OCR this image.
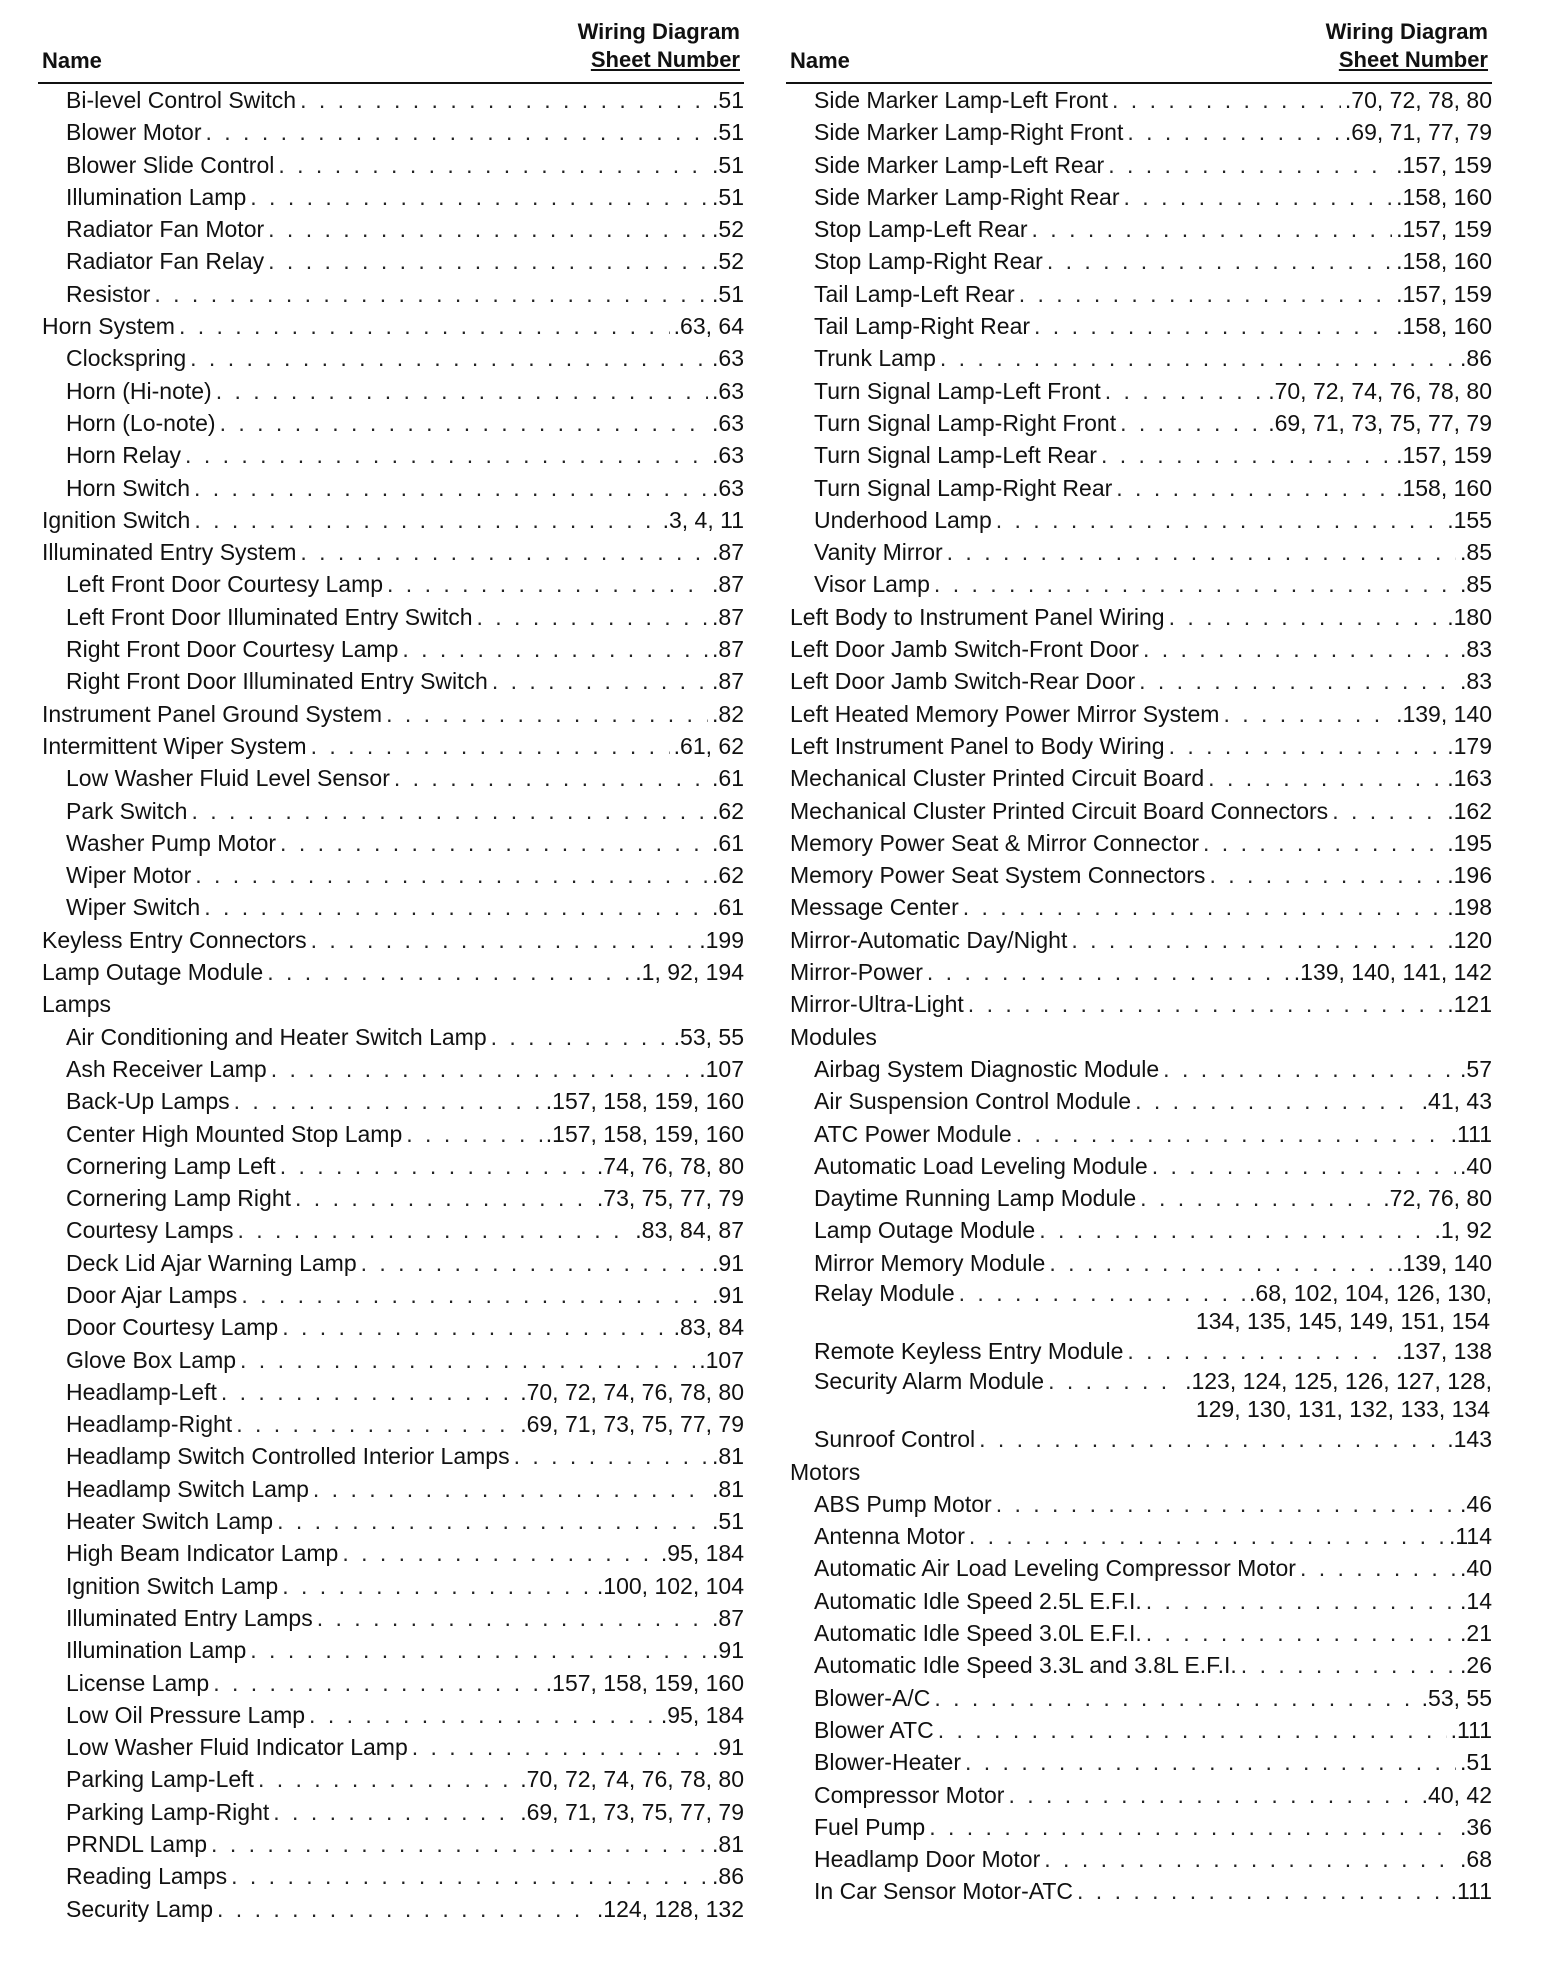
Name
Wiring Diagram
Sheet Number
Bi-level Control Switch . . .	.51
Blower Motor . . .	.51
Blower Slide Control . . .	.51
Illumination Lamp . . .	.51
Radiator Fan Motor . . .	.52
Radiator Fan Relay . . .	.52
Resistor . . .	.51
Horn System . . .	.63, 64
Clockspring . . .	.63
Horn (Hi-note) . . .	.63
Horn (Lo-note) . . .	.63
Horn Relay . . .	.63
Horn Switch . . .	.63
Ignition Switch . . .	.3, 4, 11
Illuminated Entry System . . .	.87
Left Front Door Courtesy Lamp . . .	.87
Left Front Door Illuminated Entry Switch . . .	.87
Right Front Door Courtesy Lamp . . .	.87
Right Front Door Illuminated Entry Switch . . .	.87
Instrument Panel Ground System . . .	.82
Intermittent Wiper System . . .	.61, 62
Low Washer Fluid Level Sensor . . .	.61
Park Switch . . .	.62
Washer Pump Motor . . .	.61
Wiper Motor . . .	.62
Wiper Switch . . .	.61
Keyless Entry Connectors . . .	.199
Lamp Outage Module . . .	.1, 92, 194
Lamps
Air Conditioning and Heater Switch Lamp . . .	.53, 55
Ash Receiver Lamp . . .	.107
Back-Up Lamps . . .	.157, 158, 159, 160
Center High Mounted Stop Lamp . . .	.157, 158, 159, 160
Cornering Lamp Left . . .	.74, 76, 78, 80
Cornering Lamp Right . . .	.73, 75, 77, 79
Courtesy Lamps . . .	.83, 84, 87
Deck Lid Ajar Warning Lamp . . .	.91
Door Ajar Lamps . . .	.91
Door Courtesy Lamp . . .	.83, 84
Glove Box Lamp . . .	.107
Headlamp-Left . . .	.70, 72, 74, 76, 78, 80
Headlamp-Right . . .	.69, 71, 73, 75, 77, 79
Headlamp Switch Controlled Interior Lamps . . .	.81
Headlamp Switch Lamp . . .	.81
Heater Switch Lamp . . .	.51
High Beam Indicator Lamp . . .	.95, 184
Ignition Switch Lamp . . .	.100, 102, 104
Illuminated Entry Lamps . . .	.87
Illumination Lamp . . .	.91
License Lamp . . .	.157, 158, 159, 160
Low Oil Pressure Lamp . . .	.95, 184
Low Washer Fluid Indicator Lamp . . .	.91
Parking Lamp-Left . . .	.70, 72, 74, 76, 78, 80
Parking Lamp-Right . . .	.69, 71, 73, 75, 77, 79
PRNDL Lamp . . .	.81
Reading Lamps . . .	.86
Security Lamp . . .	.124, 128, 132
Name
Wiring Diagram
Sheet Number
Side Marker Lamp-Left Front . . .	.70, 72, 78, 80
Side Marker Lamp-Right Front . . .	.69, 71, 77, 79
Side Marker Lamp-Left Rear . . .	.157, 159
Side Marker Lamp-Right Rear . . .	.158, 160
Stop Lamp-Left Rear . . .	.157, 159
Stop Lamp-Right Rear . . .	.158, 160
Tail Lamp-Left Rear . . .	.157, 159
Tail Lamp-Right Rear . . .	.158, 160
Trunk Lamp . . .	.86
Turn Signal Lamp-Left Front . . .	.70, 72, 74, 76, 78, 80
Turn Signal Lamp-Right Front . . .	.69, 71, 73, 75, 77, 79
Turn Signal Lamp-Left Rear . . .	.157, 159
Turn Signal Lamp-Right Rear . . .	.158, 160
Underhood Lamp . . .	.155
Vanity Mirror . . .	.85
Visor Lamp . . .	.85
Left Body to Instrument Panel Wiring . . .	.180
Left Door Jamb Switch-Front Door . . .	.83
Left Door Jamb Switch-Rear Door . . .	.83
Left Heated Memory Power Mirror System . . .	.139, 140
Left Instrument Panel to Body Wiring . . .	.179
Mechanical Cluster Printed Circuit Board . . .	.163
Mechanical Cluster Printed Circuit Board Connectors . . .	.162
Memory Power Seat & Mirror Connector . . .	.195
Memory Power Seat System Connectors . . .	.196
Message Center . . .	.198
Mirror-Automatic Day/Night . . .	.120
Mirror-Power . . .	.139, 140, 141, 142
Mirror-Ultra-Light . . .	.121
Modules
Airbag System Diagnostic Module . . .	.57
Air Suspension Control Module . . .	.41, 43
ATC Power Module . . .	.111
Automatic Load Leveling Module . . .	.40
Daytime Running Lamp Module . . .	.72, 76, 80
Lamp Outage Module . . .	.1, 92
Mirror Memory Module . . .	.139, 140
Relay Module . . .	.68, 102, 104, 126, 130,
134, 135, 145, 149, 151, 154
Remote Keyless Entry Module . . .	.137, 138
Security Alarm Module . . .	.123, 124, 125, 126, 127, 128,
129, 130, 131, 132, 133, 134
Sunroof Control . . .	.143
Motors
ABS Pump Motor . . .	.46
Antenna Motor . . .	.114
Automatic Air Load Leveling Compressor Motor . . .	.40
Automatic Idle Speed 2.5L E.F.I. . . .	.14
Automatic Idle Speed 3.0L E.F.I. . . .	.21
Automatic Idle Speed 3.3L and 3.8L E.F.I. . . .	.26
Blower-A/C . . .	.53, 55
Blower ATC . . .	.111
Blower-Heater . . .	.51
Compressor Motor . . .	.40, 42
Fuel Pump . . .	.36
Headlamp Door Motor . . .	.68
In Car Sensor Motor-ATC . . .	.111
